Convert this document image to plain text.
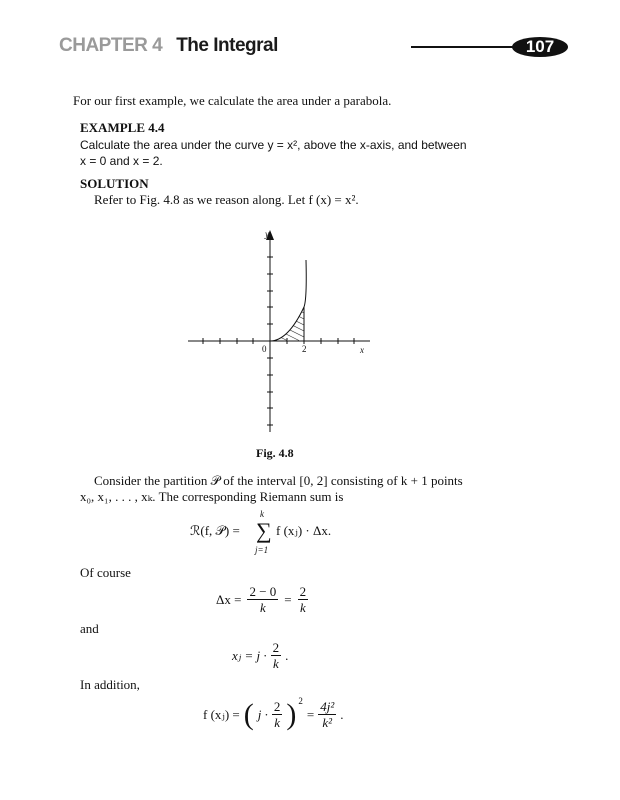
CHAPTER 4 The Integral	107
For our first example, we calculate the area under a parabola.
EXAMPLE 4.4
Calculate the area under the curve y = x², above the x-axis, and between
x = 0 and x = 2.
SOLUTION
Refer to Fig. 4.8 as we reason along. Let f (x) = x².
y
x
0	2
Fig. 4.8
Consider the partition 𝒫 of the interval [0, 2] consisting of k + 1 points
x₀, x₁, . . . , xₖ. The corresponding Riemann sum is
ℛ(f, 𝒫) =
k
∑
j=1
f (xⱼ) · Δx.
Of course
$\Delta x = \frac{2 - 0}{k} = \frac{2}{k}$
and
xⱼ = $j \cdot \frac{2}{k}$ .
In addition,
f (xⱼ) = ( $j \cdot \frac{2}{k}$ ) 2
= $\frac{\text{4j²}}{\text{k²}}$ .
